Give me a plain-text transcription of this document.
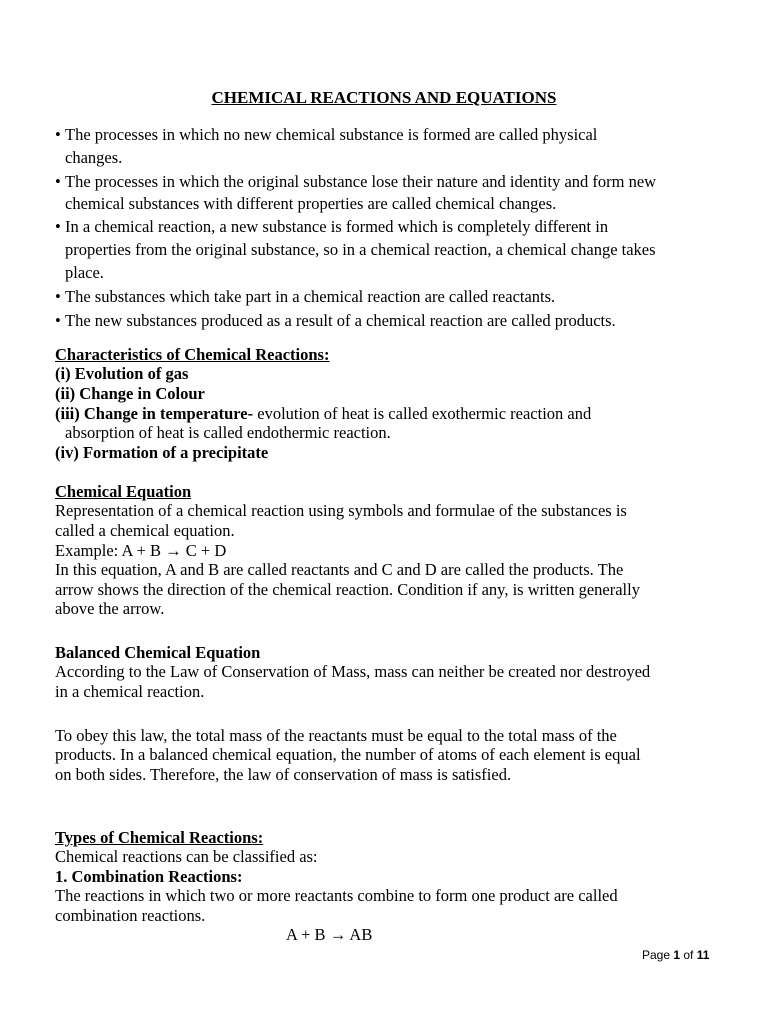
CHEMICAL REACTIONS AND EQUATIONS
• The processes in which no new chemical substance is formed are called physical
changes.
• The processes in which the original substance lose their nature and identity and form new
chemical substances with different properties are called chemical changes.
• In a chemical reaction, a new substance is formed which is completely different in
properties from the original substance, so in a chemical reaction, a chemical change takes
place.
• The substances which take part in a chemical reaction are called reactants.
• The new substances produced as a result of a chemical reaction are called products.
Characteristics of Chemical Reactions:
(i) Evolution of gas
(ii) Change in Colour
(iii) Change in temperature- evolution of heat is called exothermic reaction and
absorption of heat is called endothermic reaction.
(iv) Formation of a precipitate
Chemical Equation
Representation of a chemical reaction using symbols and formulae of the substances is
called a chemical equation.
Example: A + B → C + D
In this equation, A and B are called reactants and C and D are called the products. The
arrow shows the direction of the chemical reaction. Condition if any, is written generally
above the arrow.
Balanced Chemical Equation
According to the Law of Conservation of Mass, mass can neither be created nor destroyed
in a chemical reaction.
To obey this law, the total mass of the reactants must be equal to the total mass of the
products. In a balanced chemical equation, the number of atoms of each element is equal
on both sides. Therefore, the law of conservation of mass is satisfied.
Types of Chemical Reactions:
Chemical reactions can be classified as:
1. Combination Reactions:
The reactions in which two or more reactants combine to form one product are called
combination reactions.
A + B → AB
Page 1 of 11
